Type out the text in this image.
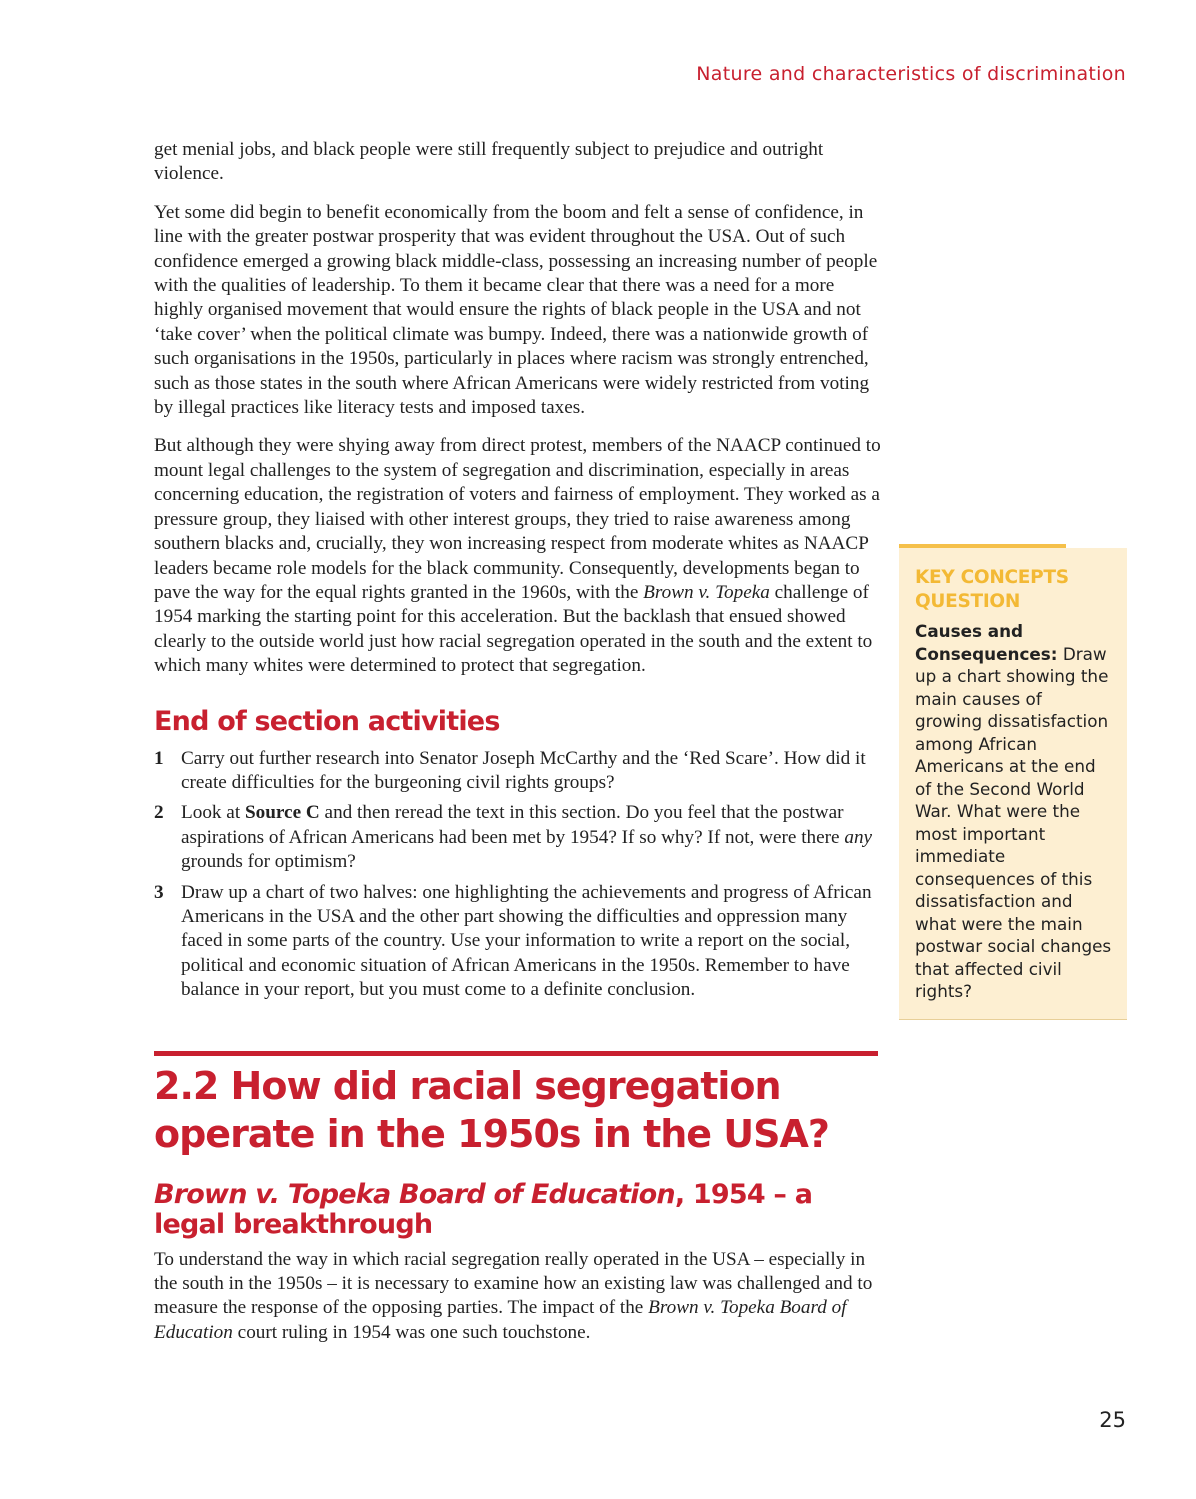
Nature and characteristics of discrimination

get menial jobs, and black people were still frequently subject to prejudice and outright violence.

Yet some did begin to benefit economically from the boom and felt a sense of confidence, in line with the greater postwar prosperity that was evident throughout the USA. Out of such confidence emerged a growing black middle-class, possessing an increasing number of people with the qualities of leadership. To them it became clear that there was a need for a more highly organised movement that would ensure the rights of black people in the USA and not ‘take cover’ when the political climate was bumpy. Indeed, there was a nationwide growth of such organisations in the 1950s, particularly in places where racism was strongly entrenched, such as those states in the south where African Americans were widely restricted from voting by illegal practices like literacy tests and imposed taxes.

But although they were shying away from direct protest, members of the NAACP continued to mount legal challenges to the system of segregation and discrimination, especially in areas concerning education, the registration of voters and fairness of employment. They worked as a pressure group, they liaised with other interest groups, they tried to raise awareness among southern blacks and, crucially, they won increasing respect from moderate whites as NAACP leaders became role models for the black community. Consequently, developments began to pave the way for the equal rights granted in the 1960s, with the Brown v. Topeka challenge of 1954 marking the starting point for this acceleration. But the backlash that ensued showed clearly to the outside world just how racial segregation operated in the south and the extent to which many whites were determined to protect that segregation.

End of section activities
1 Carry out further research into Senator Joseph McCarthy and the ‘Red Scare’. How did it create difficulties for the burgeoning civil rights groups?
2 Look at Source C and then reread the text in this section. Do you feel that the postwar aspirations of African Americans had been met by 1954? If so why? If not, were there any grounds for optimism?
3 Draw up a chart of two halves: one highlighting the achievements and progress of African Americans in the USA and the other part showing the difficulties and oppression many faced in some parts of the country. Use your information to write a report on the social, political and economic situation of African Americans in the 1950s. Remember to have balance in your report, but you must come to a definite conclusion.
2.2 How did racial segregation operate in the 1950s in the USA?
Brown v. Topeka Board of Education, 1954 – a legal breakthrough

To understand the way in which racial segregation really operated in the USA – especially in the south in the 1950s – it is necessary to examine how an existing law was challenged and to measure the response of the opposing parties. The impact of the Brown v. Topeka Board of Education court ruling in 1954 was one such touchstone.

KEY CONCEPTS QUESTION
Causes and Consequences: Draw up a chart showing the main causes of growing dissatisfaction among African Americans at the end of the Second World War. What were the most important immediate consequences of this dissatisfaction and what were the main postwar social changes that affected civil rights?
25
